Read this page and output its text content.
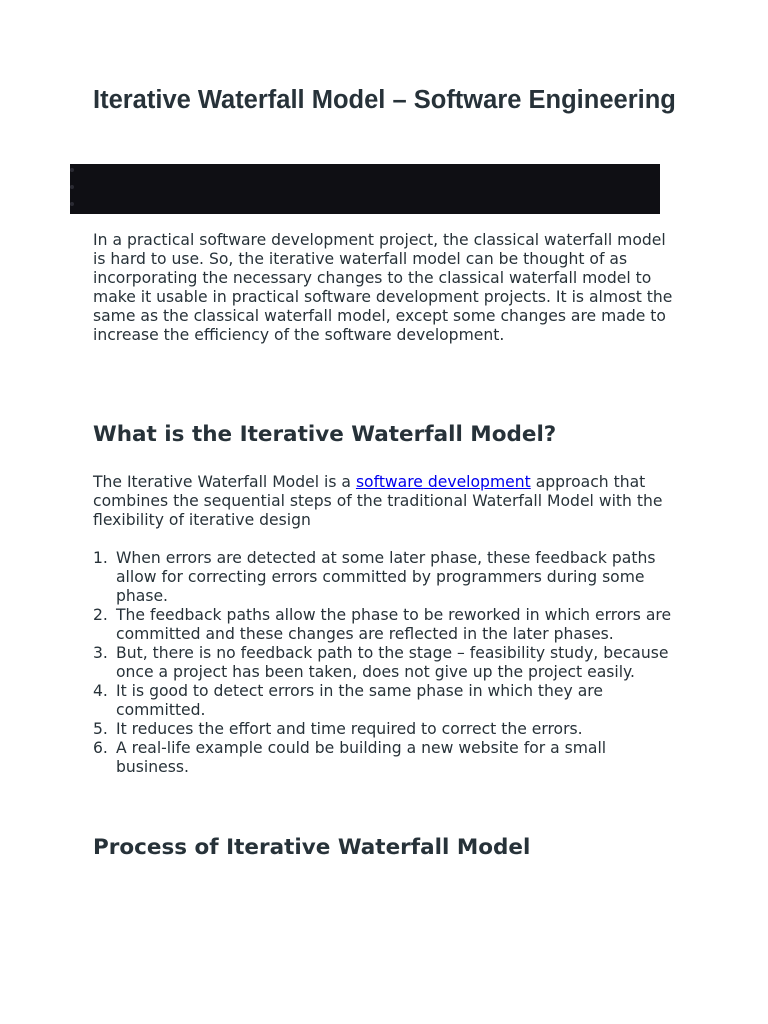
Iterative Waterfall Model – Software Engineering

In a practical software development project, the classical waterfall model is hard to use. So, the iterative waterfall model can be thought of as incorporating the necessary changes to the classical waterfall model to make it usable in practical software development projects. It is almost the same as the classical waterfall model, except some changes are made to increase the efficiency of the software development.

What is the Iterative Waterfall Model?

The Iterative Waterfall Model is a software development approach that combines the sequential steps of the traditional Waterfall Model with the flexibility of iterative design

1. When errors are detected at some later phase, these feedback paths allow for correcting errors committed by programmers during some phase.
2. The feedback paths allow the phase to be reworked in which errors are committed and these changes are reflected in the later phases.
3. But, there is no feedback path to the stage – feasibility study, because once a project has been taken, does not give up the project easily.
4. It is good to detect errors in the same phase in which they are committed.
5. It reduces the effort and time required to correct the errors.
6. A real-life example could be building a new website for a small business.
Process of Iterative Waterfall Model
